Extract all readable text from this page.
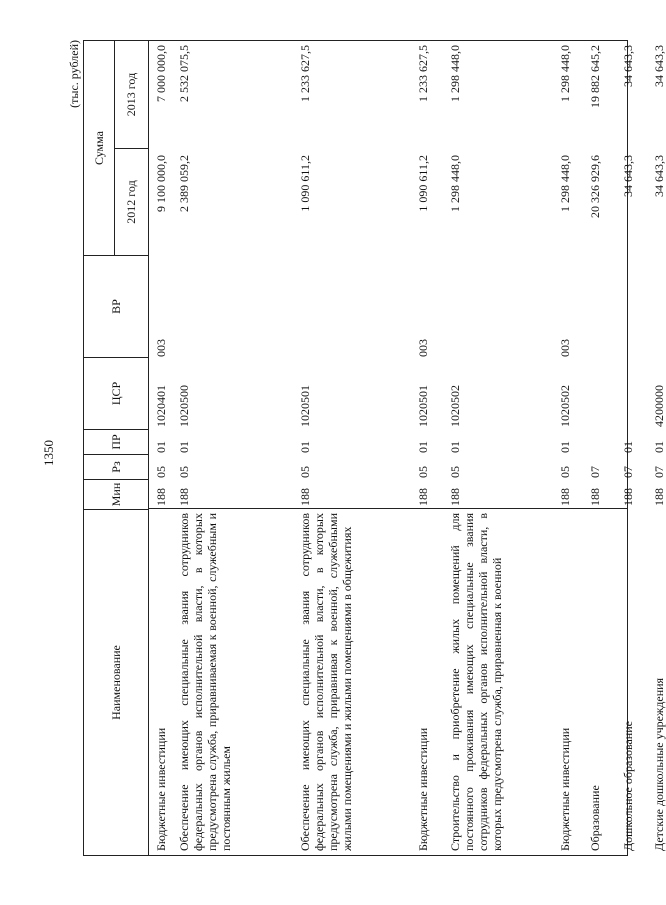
1350
(тыс. рублей)
Наименование
Мин
Рз
ПР
ЦСР
ВР
Сумма
2012 год
2013 год
Бюджетные инвестиции
188
05
01
1020401
003
9 100 000,0
7 000 000,0
Обеспечение имеющих специальные звания сотрудников федеральных органов исполнительной власти, в которых предусмотрена служба, приравниваемая к военной, служебным и постоянным жильем
188
05
01
1020500
2 389 059,2
2 532 075,5
Обеспечение имеющих специальные звания сотрудников федеральных органов исполнительной власти, в которых предусмотрена служба, приравнивая к военной, служебными жилыми помещениями и жилыми помещениями в общежитиях
188
05
01
1020501
1 090 611,2
1 233 627,5
Бюджетные инвестиции
188
05
01
1020501
003
1 090 611,2
1 233 627,5
Строительство и приобретение жилых помещений для постоянного проживания имеющих специальные звания сотрудников федеральных органов исполнительной власти, в которых предусмотрена служба, приравненная к военной
188
05
01
1020502
1 298 448,0
1 298 448,0
Бюджетные инвестиции
188
05
01
1020502
003
1 298 448,0
1 298 448,0
Образование
188
07
20 326 929,6
19 882 645,2
Дошкольное образование
188
07
01
34 643,3
34 643,3
Детские дошкольные учреждения
188
07
01
4200000
34 643,3
34 643,3
